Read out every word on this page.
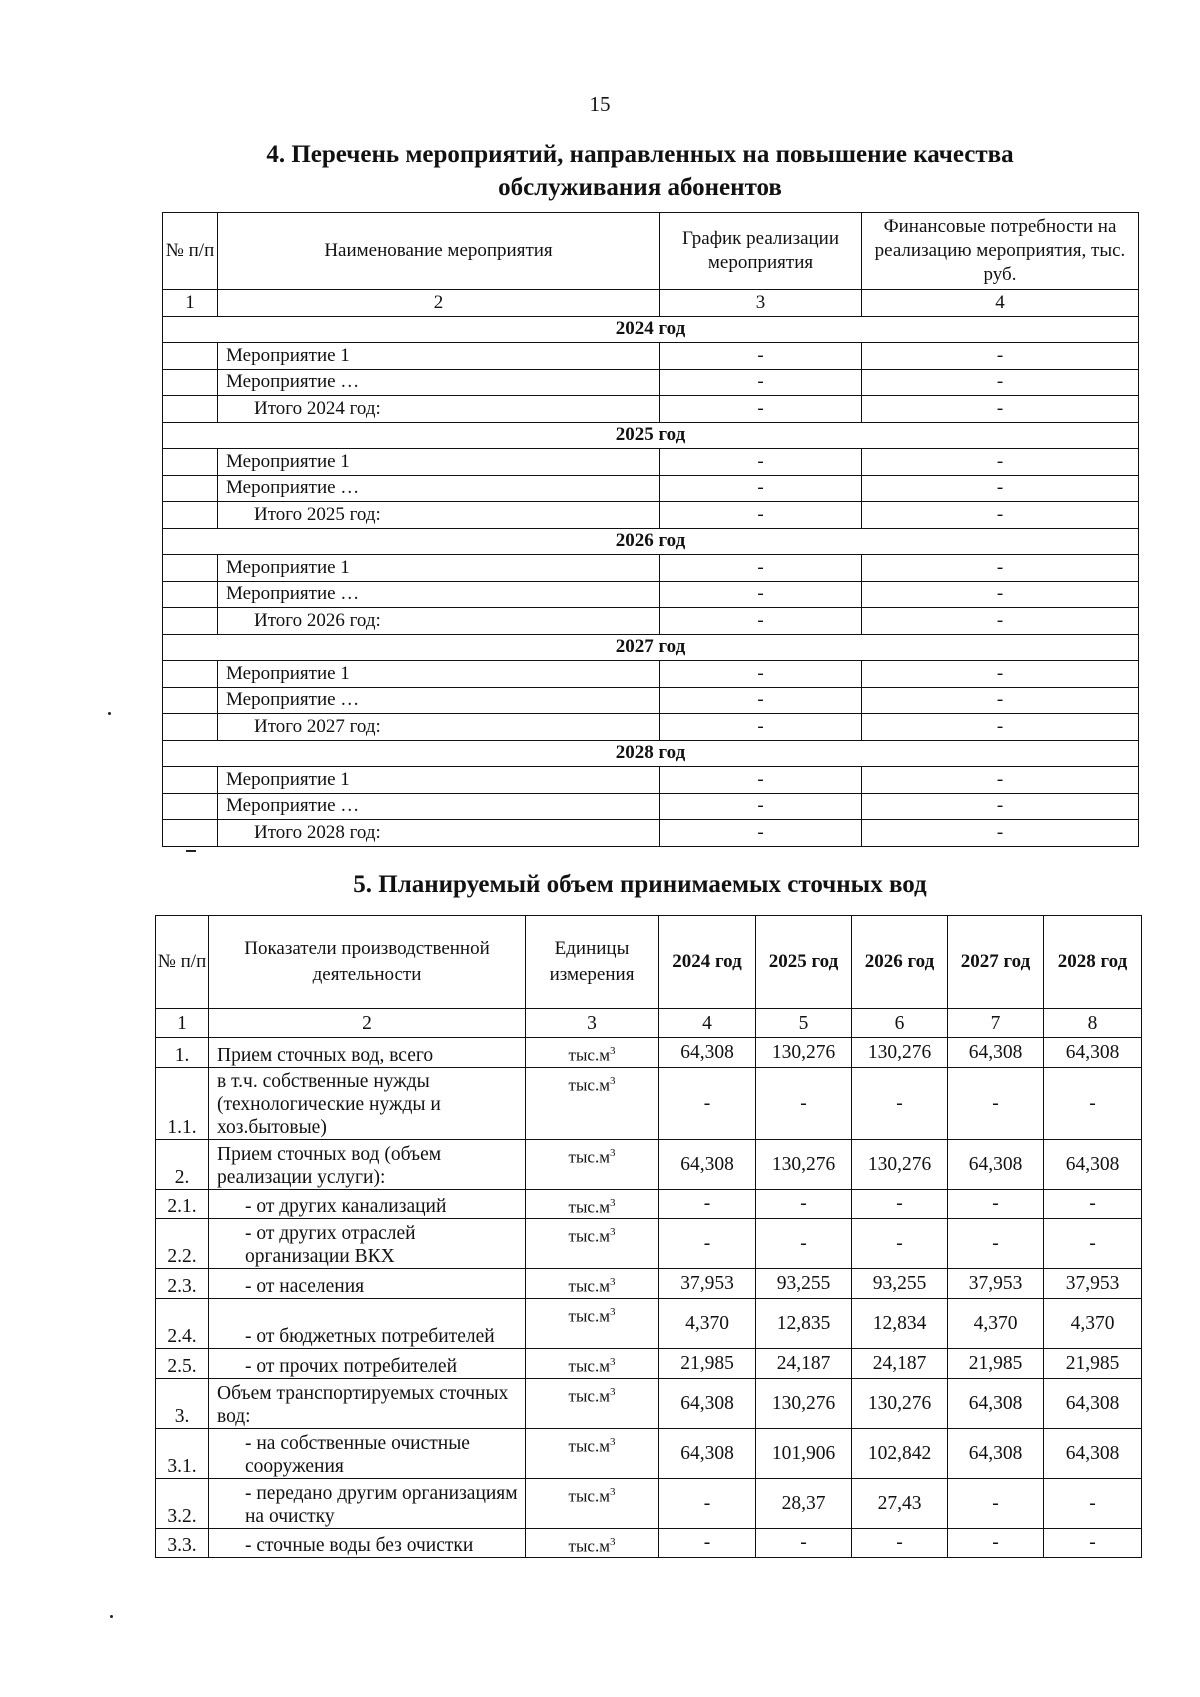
15
4. Перечень мероприятий, направленных на повышение качества
обслуживания абонентов
№ п/п	Наименование мероприятия	График реализации мероприятия	Финансовые потребности на реализацию мероприятия, тыс. руб.
1	2	3	4
2024 год			
	Мероприятие 1	-	-
	Мероприятие …	-	-
	Итого 2024 год:	-	-
2025 год			
	Мероприятие 1	-	-
	Мероприятие …	-	-
	Итого 2025 год:	-	-
2026 год			
	Мероприятие 1	-	-
	Мероприятие …	-	-
	Итого 2026 год:	-	-
2027 год			
	Мероприятие 1	-	-
	Мероприятие …	-	-
	Итого 2027 год:	-	-
2028 год			
	Мероприятие 1	-	-
	Мероприятие …	-	-
	Итого 2028 год:	-	-
5. Планируемый объем принимаемых сточных вод
№ п/п	Показатели производственной деятельности	Единицы измерения	2024 год	2025 год	2026 год	2027 год	2028 год
1	2	3	4	5	6	7	8
1.	Прием сточных вод, всего	$тыс.м^3$	64,308	130,276	130,276	64,308	64,308
1.1.	в т.ч. собственные нужды (технологические нужды и хоз.бытовые)	$тыс.м^3$	-	-	-	-	-
2.	Прием сточных вод (объем реализации услуги):	$тыс.м^3$	64,308	130,276	130,276	64,308	64,308
2.1.	- от других канализаций	$тыс.м^3$	-	-	-	-	-
2.2.	- от других отраслей организации ВКХ	$тыс.м^3$	-	-	-	-	-
2.3.	- от населения	$тыс.м^3$	37,953	93,255	93,255	37,953	37,953
2.4.	- от бюджетных потребителей	$тыс.м^3$	4,370	12,835	12,834	4,370	4,370
2.5.	- от прочих потребителей	$тыс.м^3$	21,985	24,187	24,187	21,985	21,985
3.	Объем транспортируемых сточных вод:	$тыс.м^3$	64,308	130,276	130,276	64,308	64,308
3.1.	- на собственные очистные сооружения	$тыс.м^3$	64,308	101,906	102,842	64,308	64,308
3.2.	- передано другим организациям на очистку	$тыс.м^3$	-	28,37	27,43	-	-
3.3.	- сточные воды без очистки	$тыс.м^3$	-	-	-	-	-
